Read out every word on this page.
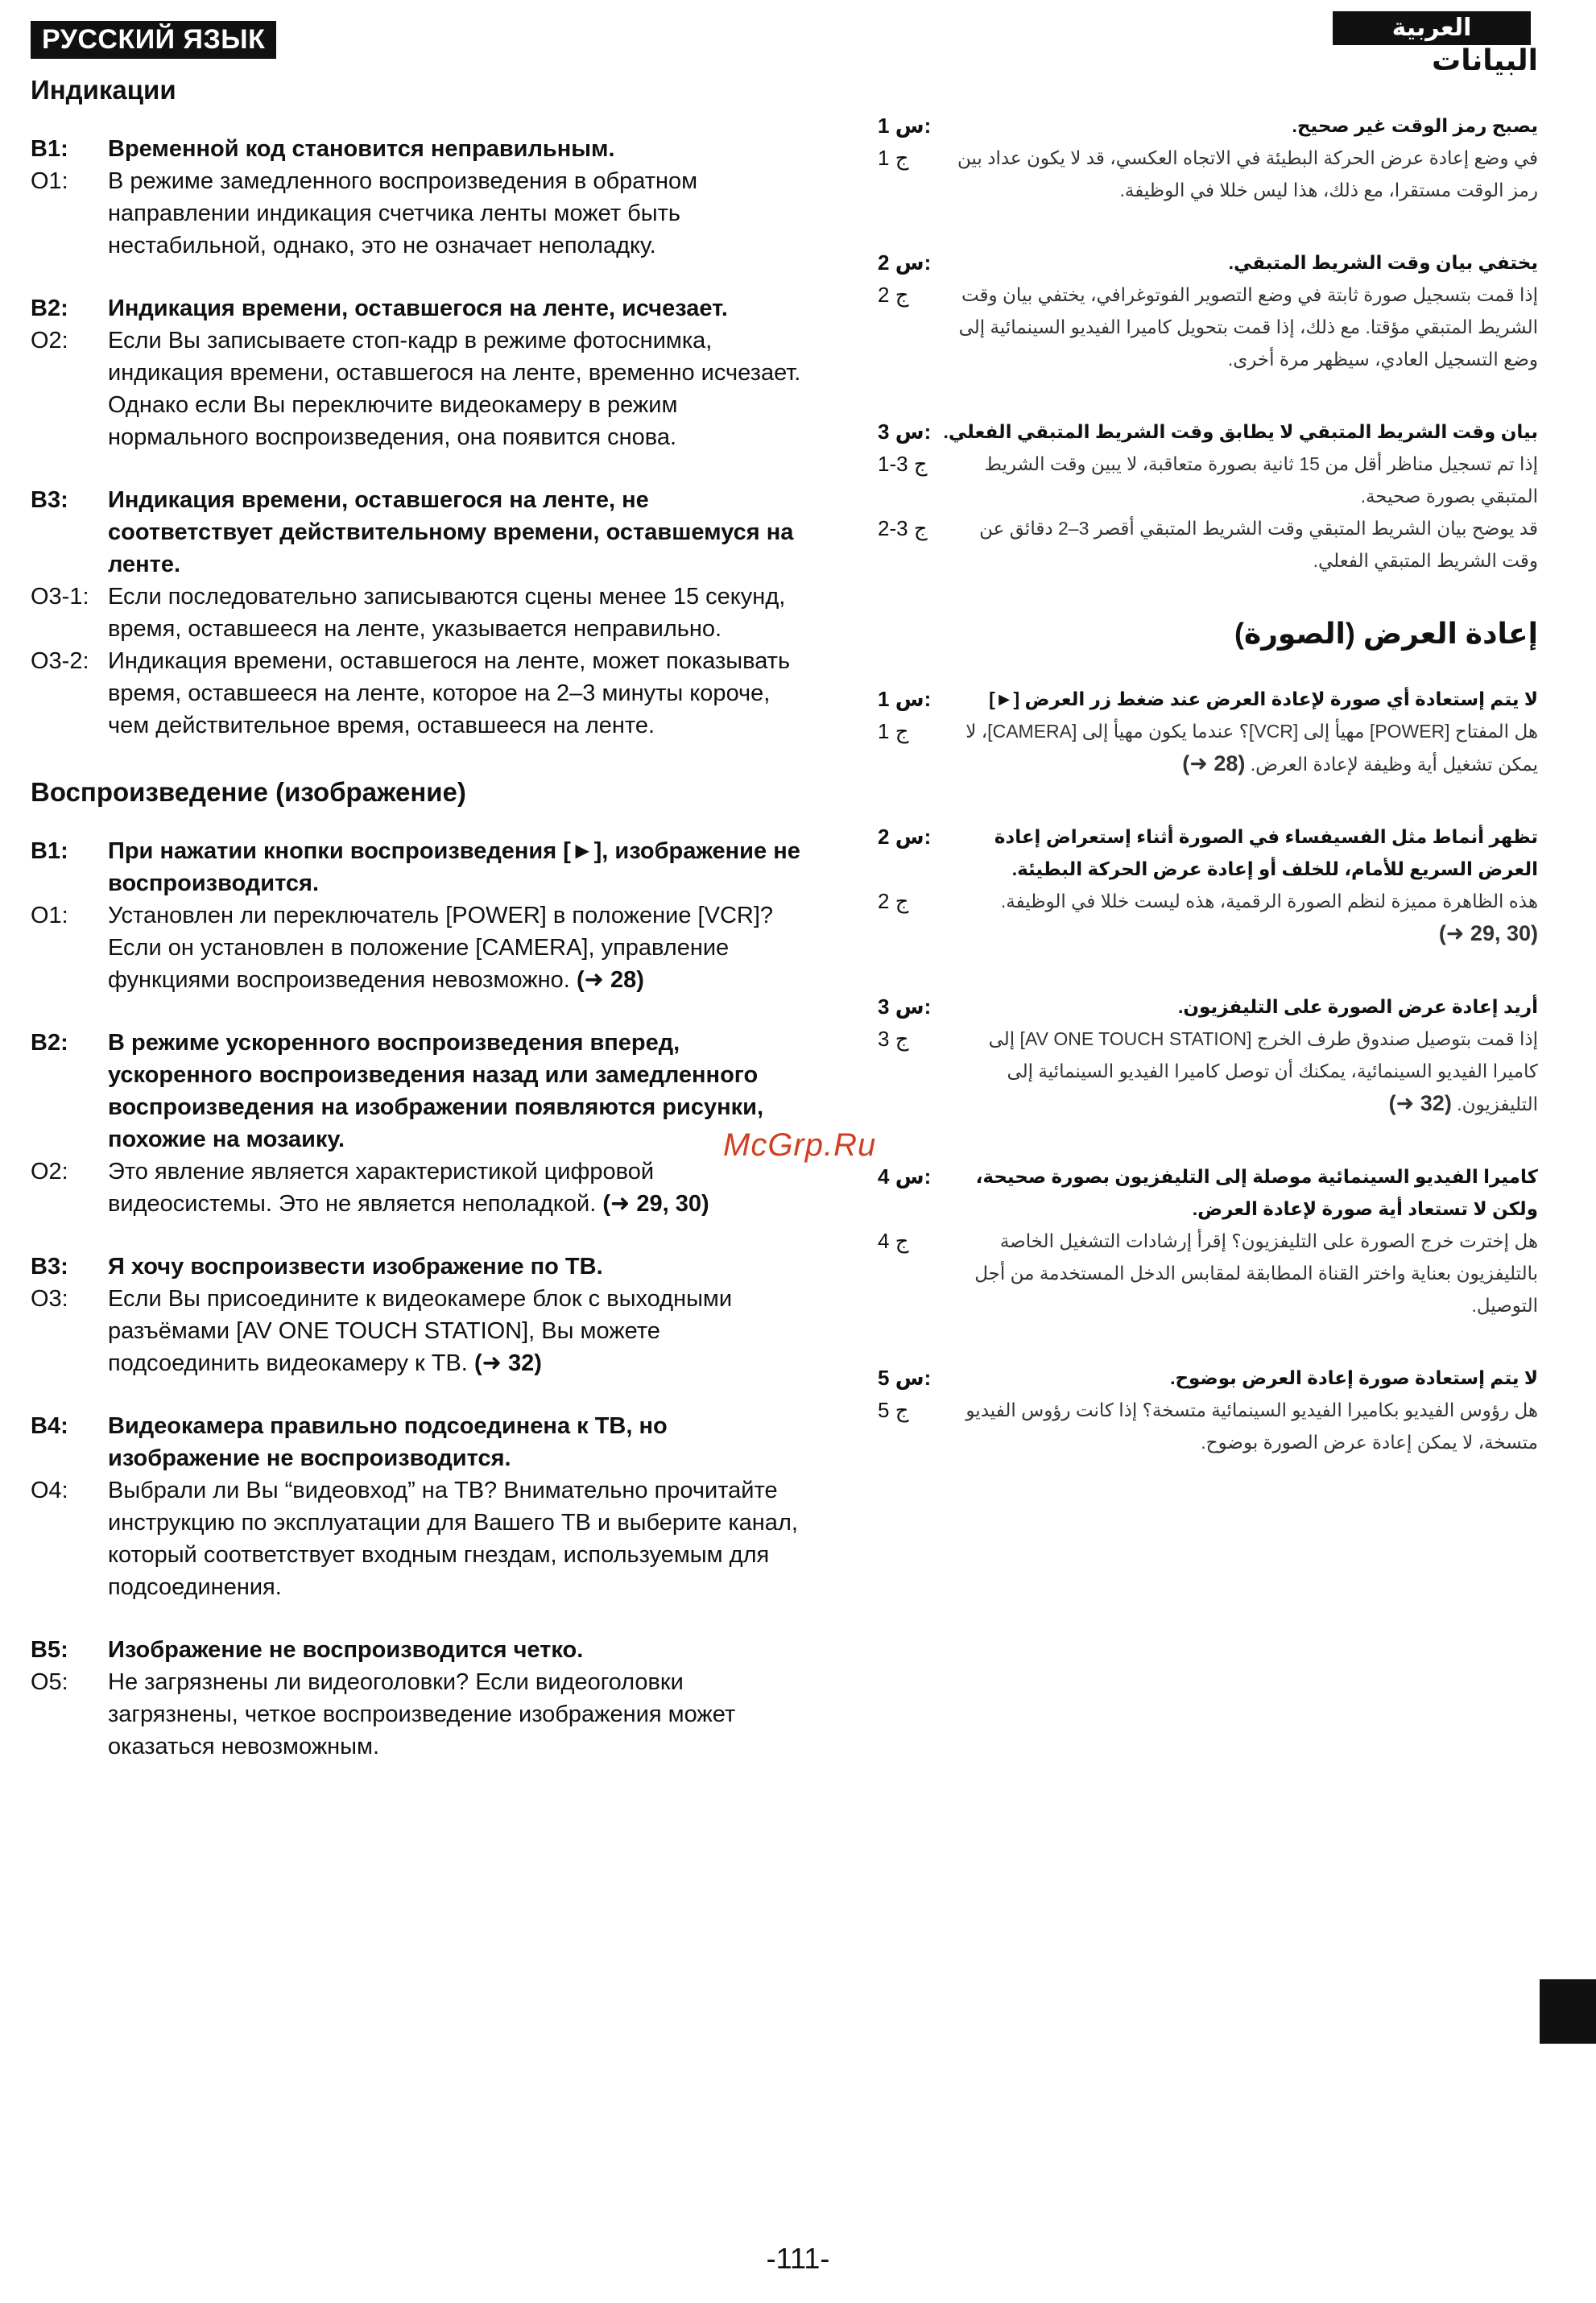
РУССКИЙ ЯЗЫК
Индикации
В1:	Временной код становится неправильным.
О1:	В режиме замедленного воспроизведения в обратном направлении индикация счетчика ленты может быть нестабильной, однако, это не означает неполадку.
В2:	Индикация времени, оставшегося на ленте, исчезает.
О2:	Если Вы записываете стоп-кадр в режиме фотоснимка, индикация времени, оставшегося на ленте, временно исчезает.
Однако если Вы переключите видеокамеру в режим нормального воспроизведения, она появится снова.
В3:	Индикация времени, оставшегося на ленте, не соответствует действительному времени, оставшемуся на ленте.
О3-1: Если последовательно записываются сцены менее 15 секунд, время, оставшееся на ленте, указывается неправильно.
О3-2: Индикация времени, оставшегося на ленте, может показывать время, оставшееся на ленте, которое на 2–3 минуты короче, чем действительное время, оставшееся на ленте.
Воспроизведение (изображение)
В1:	При нажатии кнопки воспроизведения [►], изображение не воспроизводится.
О1:	Установлен ли переключатель [POWER] в положение [VCR]? Если он установлен в положение [CAMERA], управление функциями воспроизведения невозможно. (➜ 28)
В2:	В режиме ускоренного воспроизведения вперед, ускоренного воспроизведения назад или замедленного воспроизведения на изображении появляются рисунки, похожие на мозаику.
О2:	Это явление является характеристикой цифровой видеосистемы. Это не является неполадкой. (➜ 29, 30)
В3:	Я хочу воспроизвести изображение по ТВ.
О3:	Если Вы присоедините к видеокамере блок с выходными разъёмами [AV ONE TOUCH STATION], Вы можете подсоединить видеокамеру к ТВ. (➜ 32)
В4:	Видеокамера правильно подсоединена к ТВ, но изображение не воспроизводится.
О4:	Выбрали ли Вы “видеовход” на ТВ? Внимательно прочитайте инструкцию по эксплуатации для Вашего ТВ и выберите канал, который соответствует входным гнездам, используемым для подсоединения.
В5:	Изображение не воспроизводится четко.
О5:	Не загрязнены ли видеоголовки? Если видеоголовки загрязнены, четкое воспроизведение изображения может оказаться невозможным.
العربية
البيانات
يصبح رمز الوقت غير صحيح.
س 1:
في وضع إعادة عرض الحركة البطيئة في الاتجاه العكسي، قد لا يكون عداد بين رمز الوقت مستقرا، مع ذلك، هذا ليس خللا في الوظيفة.
ج 1
يختفي بيان وقت الشريط المتبقي.
س 2:
إذا قمت بتسجيل صورة ثابتة في وضع التصوير الفوتوغرافي، يختفي بيان وقت الشريط المتبقي مؤقتا. مع ذلك، إذا قمت بتحويل كاميرا الفيديو السينمائية إلى وضع التسجيل العادي، سيظهر مرة أخرى.
ج 2
بيان وقت الشريط المتبقي لا يطابق وقت الشريط المتبقي الفعلي.
س 3:
إذا تم تسجيل مناظر أقل من 15 ثانية بصورة متعاقبة، لا يبين وقت الشريط المتبقي بصورة صحيحة.
ج 3-1
قد يوضح بيان الشريط المتبقي وقت الشريط المتبقي أقصر 3–2 دقائق عن وقت الشريط المتبقي الفعلي.
ج 3-2
إعادة العرض (الصورة)
لا يتم إستعادة أي صورة لإعادة العرض عند ضغط زر العرض [►]
س 1:
هل المفتاح [POWER] مهيأ إلى [VCR]؟ عندما يكون مهيأ إلى [CAMERA]، لا يمكن تشغيل أية وظيفة لإعادة العرض. (➜ 28)
ج 1
تظهر أنماط مثل الفسيفساء في الصورة أثناء إستعراض إعادة العرض السريع للأمام، للخلف أو إعادة عرض الحركة البطيئة.
س 2:
هذه الظاهرة مميزة لنظم الصورة الرقمية، هذه ليست خللا في الوظيفة. (➜ 29, 30)
ج 2
أريد إعادة عرض الصورة على التليفزيون.
س 3:
إذا قمت بتوصيل صندوق طرف الخرج [AV ONE TOUCH STATION] إلى كاميرا الفيديو السينمائية، يمكنك أن توصل كاميرا الفيديو السينمائية إلى التليفزيون. (➜ 32)
ج 3
كاميرا الفيديو السينمائية موصلة إلى التليفزيون بصورة صحيحة، ولكن لا تستعاد أية صورة لإعادة العرض.
س 4:
هل إخترت خرج الصورة على التليفزيون؟ إقرأ إرشادات التشغيل الخاصة بالتليفزيون بعناية واختر القناة المطابقة لمقابس الدخل المستخدمة من أجل التوصيل.
ج 4
لا يتم إستعادة صورة إعادة العرض بوضوح.
س 5:
هل رؤوس الفيديو بكاميرا الفيديو السينمائية متسخة؟ إذا كانت رؤوس الفيديو متسخة، لا يمكن إعادة عرض الصورة بوضوح.
ج 5
McGrp.Ru
-111-
